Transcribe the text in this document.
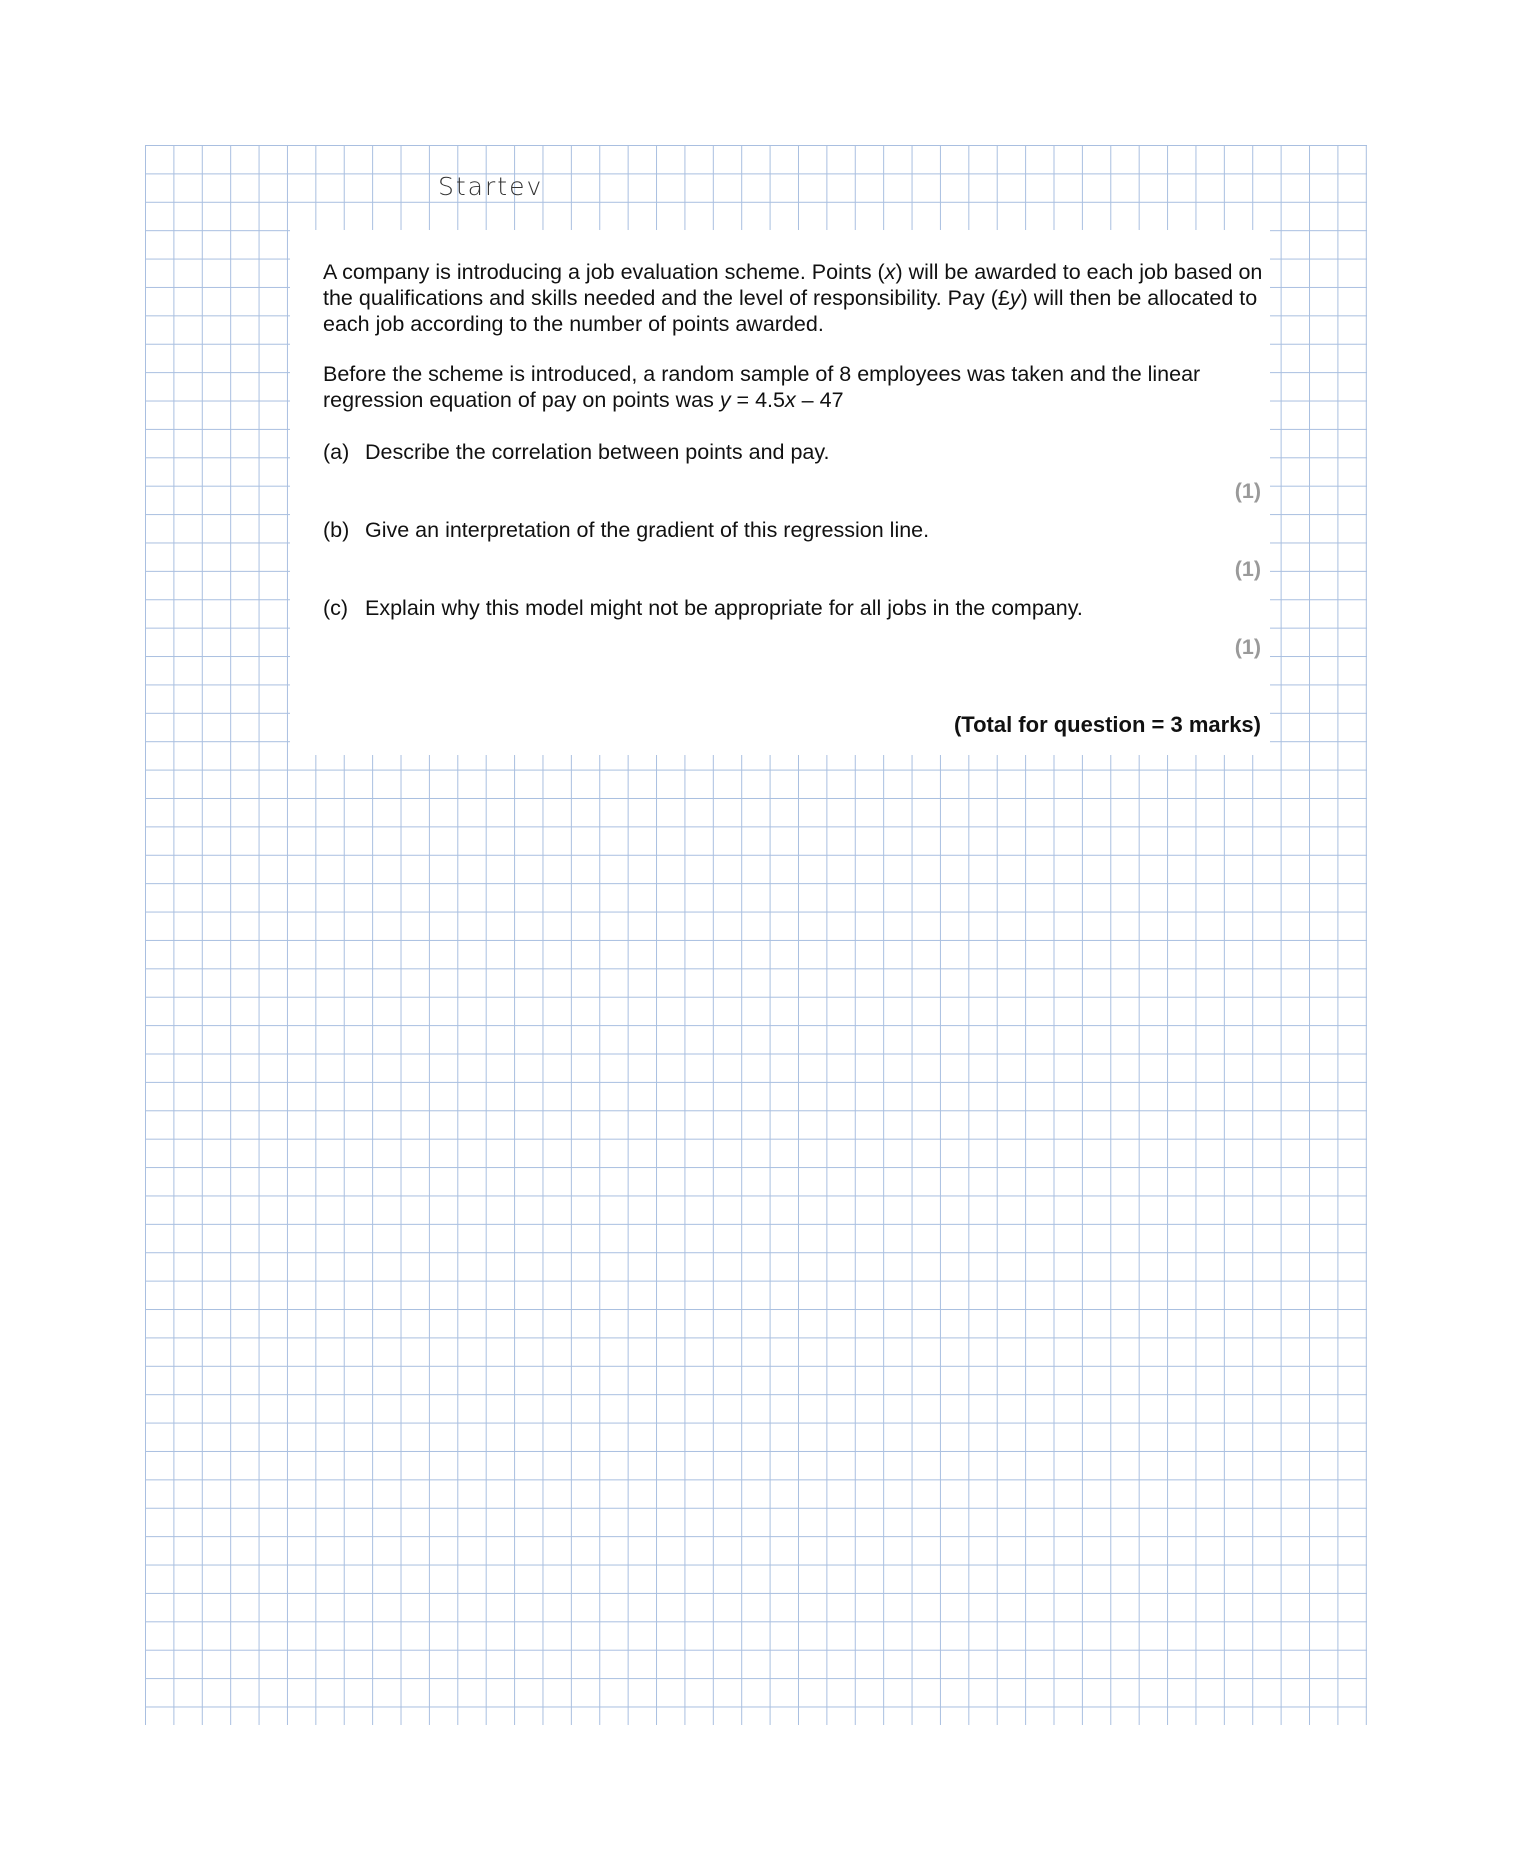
Startev
A company is introducing a job evaluation scheme. Points (x) will be awarded to each job based on the qualifications and skills needed and the level of responsibility. Pay (£y) will then be allocated to each job according to the number of points awarded.
Before the scheme is introduced, a random sample of 8 employees was taken and the linear regression equation of pay on points was y = 4.5x – 47
(a) Describe the correlation between points and pay.
(1)
(b) Give an interpretation of the gradient of this regression line.
(1)
(c) Explain why this model might not be appropriate for all jobs in the company.
(1)
(Total for question = 3 marks)
